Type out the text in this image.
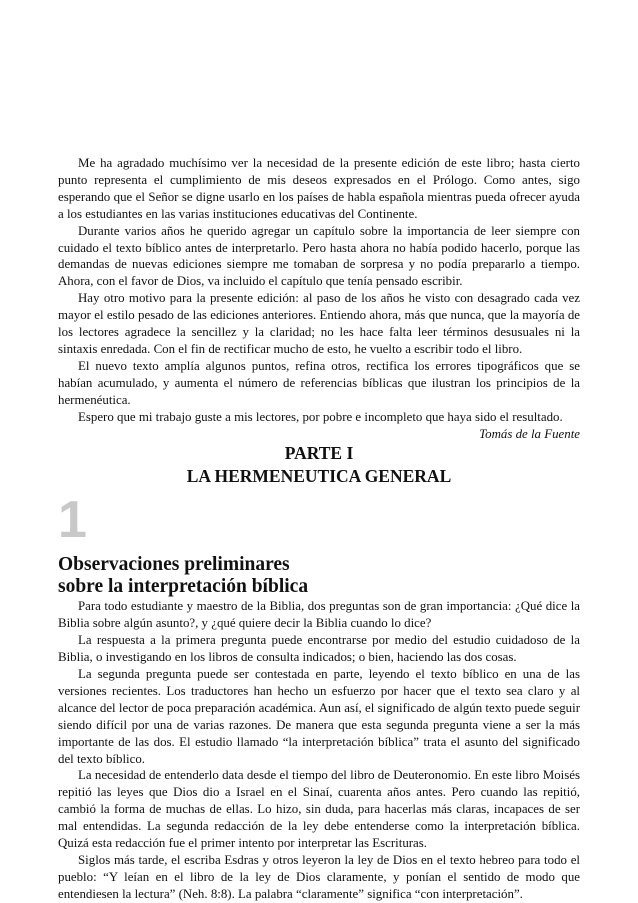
Me ha agradado muchísimo ver la necesidad de la presente edición de este libro; hasta cierto punto representa el cumplimiento de mis deseos expresados en el Prólogo. Como antes, sigo esperando que el Señor se digne usarlo en los países de habla española mientras pueda ofrecer ayuda a los estudiantes en las varias instituciones educativas del Continente.

Durante varios años he querido agregar un capítulo sobre la importancia de leer siempre con cuidado el texto bíblico antes de interpretarlo. Pero hasta ahora no había podido hacerlo, porque las demandas de nuevas ediciones siempre me tomaban de sorpresa y no podía prepararlo a tiempo. Ahora, con el favor de Dios, va incluido el capítulo que tenía pensado escribir.

Hay otro motivo para la presente edición: al paso de los años he visto con desagrado cada vez mayor el estilo pesado de las ediciones anteriores. Entiendo ahora, más que nunca, que la mayoría de los lectores agradece la sencillez y la claridad; no les hace falta leer términos desusuales ni la sintaxis enredada. Con el fin de rectificar mucho de esto, he vuelto a escribir todo el libro.

El nuevo texto amplía algunos puntos, refina otros, rectifica los errores tipográficos que se habían acumulado, y aumenta el número de referencias bíblicas que ilustran los principios de la hermenéutica.

Espero que mi trabajo guste a mis lectores, por pobre e incompleto que haya sido el resultado.

Tomás de la Fuente

PARTE I

LA HERMENEUTICA GENERAL

1
Observaciones preliminares
sobre la interpretación bíblica

Para todo estudiante y maestro de la Biblia, dos preguntas son de gran importancia: ¿Qué dice la Biblia sobre algún asunto?, y ¿qué quiere decir la Biblia cuando lo dice?

La respuesta a la primera pregunta puede encontrarse por medio del estudio cuidadoso de la Biblia, o investigando en los libros de consulta indicados; o bien, haciendo las dos cosas.

La segunda pregunta puede ser contestada en parte, leyendo el texto bíblico en una de las versiones recientes. Los traductores han hecho un esfuerzo por hacer que el texto sea claro y al alcance del lector de poca preparación académica. Aun así, el significado de algún texto puede seguir siendo difícil por una de varias razones. De manera que esta segunda pregunta viene a ser la más importante de las dos. El estudio llamado “la interpretación bíblica” trata el asunto del significado del texto bíblico.

La necesidad de entenderlo data desde el tiempo del libro de Deuteronomio. En este libro Moisés repitió las leyes que Dios dio a Israel en el Sinaí, cuarenta años antes. Pero cuando las repitió, cambió la forma de muchas de ellas. Lo hizo, sin duda, para hacerlas más claras, incapaces de ser mal entendidas. La segunda redacción de la ley debe entenderse como la interpretación bíblica. Quizá esta redacción fue el primer intento por interpretar las Escrituras.

Siglos más tarde, el escriba Esdras y otros leyeron la ley de Dios en el texto hebreo para todo el pueblo: “Y leían en el libro de la ley de Dios claramente, y ponían el sentido de modo que entendiesen la lectura” (Neh. 8:8). La palabra “claramente” significa “con interpretación”.
